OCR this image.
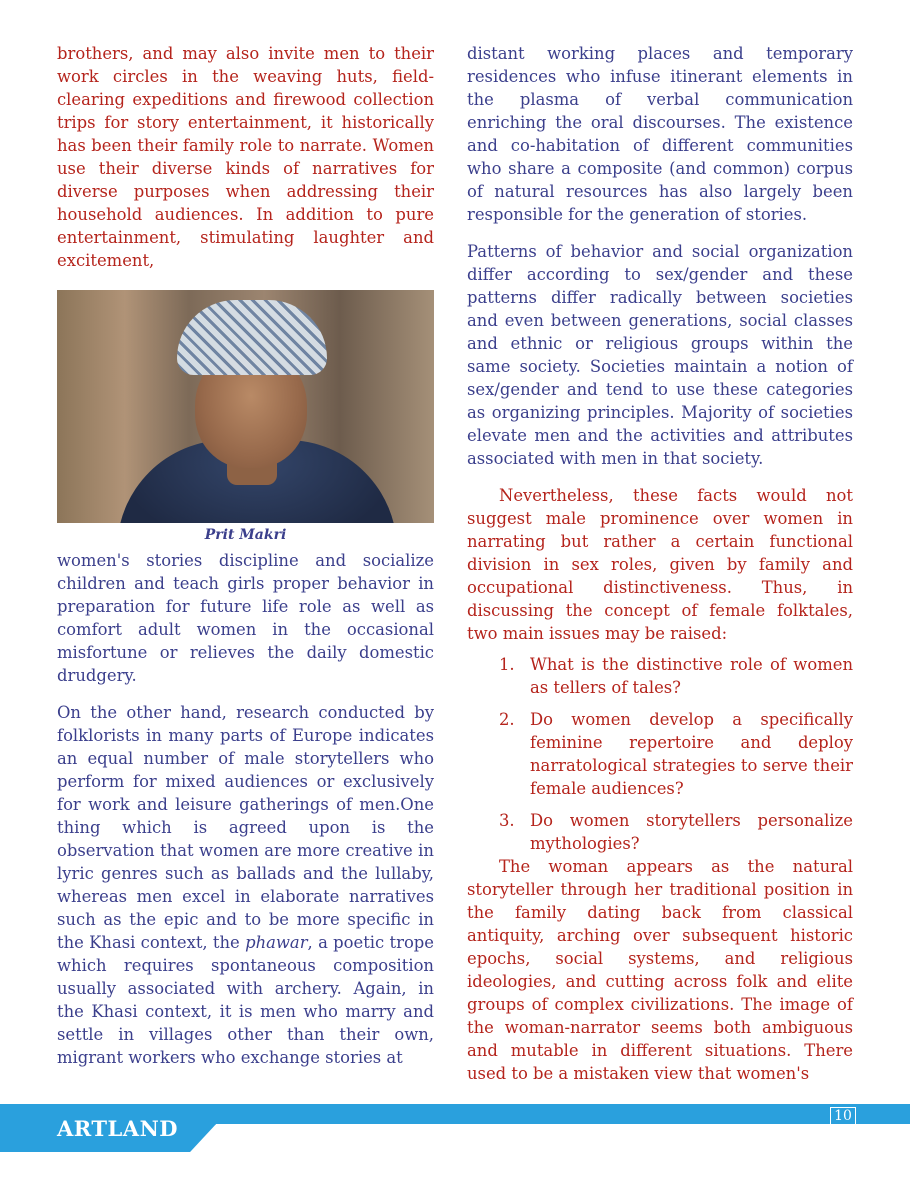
brothers, and may also invite men to their work circles in the weaving huts, field-clearing expeditions and firewood collection trips for story entertainment, it historically has been their family role to narrate. Women use their diverse kinds of narratives for diverse purposes when addressing their household audiences. In addition to pure entertainment, stimulating laughter and excitement,

Prit Makri

women's stories discipline and socialize children and teach girls proper behavior in preparation for future life role as well as comfort adult women in the occasional misfortune or relieves the daily domestic drudgery.

On the other hand, research conducted by folklorists in many parts of Europe indicates an equal number of male storytellers who perform for mixed audiences or exclusively for work and leisure gatherings of men.One thing which is agreed upon is the observation that women are more creative in lyric genres such as ballads and the lullaby, whereas men excel in elaborate narratives such as the epic and to be more specific in the Khasi context, the phawar, a poetic trope which requires spontaneous composition usually associated with archery. Again, in the Khasi context, it is men who marry and settle in villages other than their own, migrant workers who exchange stories at

distant working places and temporary residences who infuse itinerant elements in the plasma of verbal communication enriching the oral discourses. The existence and co-habitation of different communities who share a composite (and common) corpus of natural resources has also largely been responsible for the generation of stories.

Patterns of behavior and social organization differ according to sex/gender and these patterns differ radically between societies and even between generations, social classes and ethnic or religious groups within the same society. Societies maintain a notion of sex/gender and tend to use these categories as organizing principles. Majority of societies elevate men and the activities and attributes associated with men in that society.

Nevertheless, these facts would not suggest male prominence over women in narrating but rather a certain functional division in sex roles, given by family and occupational distinctiveness. Thus, in discussing the concept of female folktales, two main issues may be raised:

1. What is the distinctive role of women as tellers of tales?
2. Do women develop a specifically feminine repertoire and deploy narratological strategies to serve their female audiences?
3. Do women storytellers personalize mythologies?

The woman appears as the natural storyteller through her traditional position in the family dating back from classical antiquity, arching over subsequent historic epochs, social systems, and religious ideologies, and cutting across folk and elite groups of complex civilizations. The image of the woman-narrator seems both ambiguous and mutable in different situations. There used to be a mistaken view that women's

ARTLAND	10
